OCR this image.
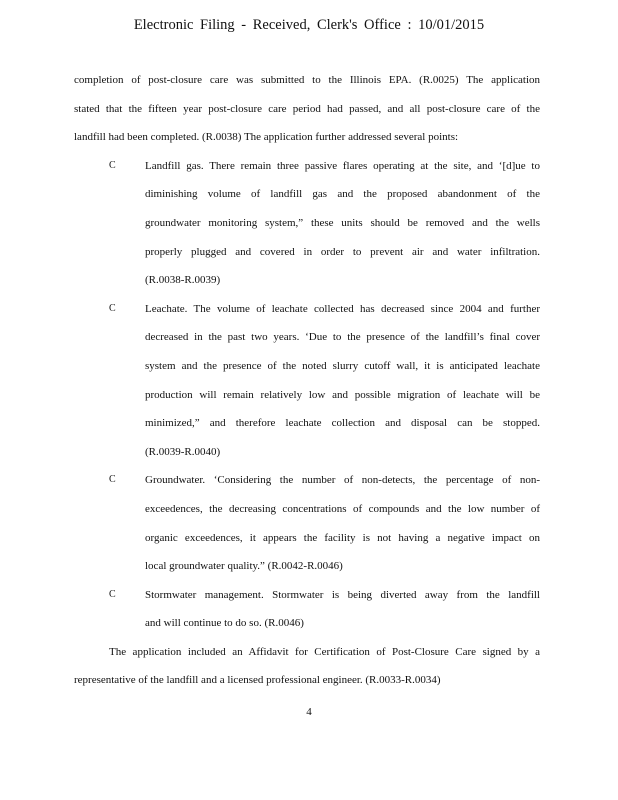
Electronic Filing - Received, Clerk's Office : 10/01/2015
completion of post-closure care was submitted to the Illinois EPA. (R.0025) The application
stated that the fifteen year post-closure care period had passed, and all post-closure care of the
landfill had been completed. (R.0038) The application further addressed several points:
C	Landfill gas. There remain three passive flares operating at the site, and ‘[d]ue to
diminishing volume of landfill gas and the proposed abandonment of the
groundwater monitoring system,” these units should be removed and the wells
properly plugged and covered in order to prevent air and water infiltration.
(R.0038-R.0039)
C	Leachate. The volume of leachate collected has decreased since 2004 and further
decreased in the past two years. ‘Due to the presence of the landfill’s final cover
system and the presence of the noted slurry cutoff wall, it is anticipated leachate
production will remain relatively low and possible migration of leachate will be
minimized,” and therefore leachate collection and disposal can be stopped.
(R.0039-R.0040)
C	Groundwater. ‘Considering the number of non-detects, the percentage of non-
exceedences, the decreasing concentrations of compounds and the low number of
organic exceedences, it appears the facility is not having a negative impact on
local groundwater quality.” (R.0042-R.0046)
C	Stormwater management. Stormwater is being diverted away from the landfill
and will continue to do so. (R.0046)
The application included an Affidavit for Certification of Post-Closure Care signed by a
representative of the landfill and a licensed professional engineer. (R.0033-R.0034)
4
